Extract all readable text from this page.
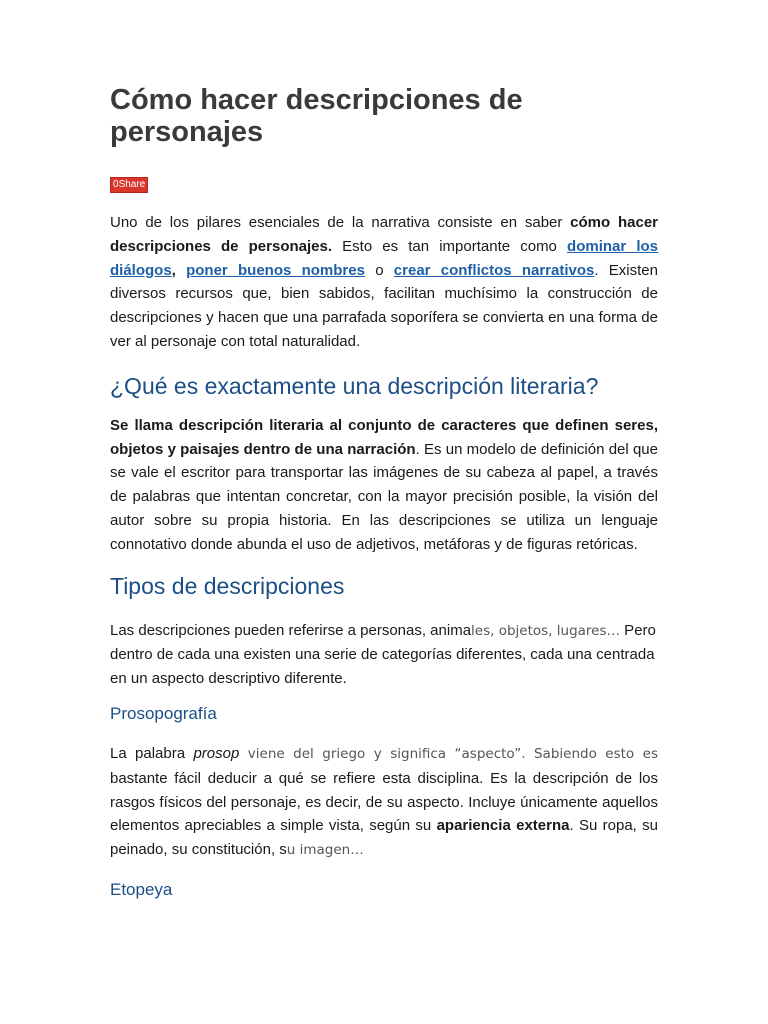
Cómo hacer descripciones de personajes
0Share

Uno de los pilares esenciales de la narrativa consiste en saber cómo hacer descripciones de personajes. Esto es tan importante como dominar los diálogos, poner buenos nombres o crear conflictos narrativos. Existen diversos recursos que, bien sabidos, facilitan muchísimo la construcción de descripciones y hacen que una parrafada soporífera se convierta en una forma de ver al personaje con total naturalidad.

¿Qué es exactamente una descripción literaria?

Se llama descripción literaria al conjunto de caracteres que definen seres, objetos y paisajes dentro de una narración. Es un modelo de definición del que se vale el escritor para transportar las imágenes de su cabeza al papel, a través de palabras que intentan concretar, con la mayor precisión posible, la visión del autor sobre su propia historia. En las descripciones se utiliza un lenguaje connotativo donde abunda el uso de adjetivos, metáforas y de figuras retóricas.

Tipos de descripciones

Las descripciones pueden referirse a personas, animales, objetos, lugares… Pero dentro de cada una existen una serie de categorías diferentes, cada una centrada en un aspecto descriptivo diferente.

Prosopografía

La palabra prosop viene del griego y significa “aspecto”. Sabiendo esto es bastante fácil deducir a qué se refiere esta disciplina. Es la descripción de los rasgos físicos del personaje, es decir, de su aspecto. Incluye únicamente aquellos elementos apreciables a simple vista, según su apariencia externa. Su ropa, su peinado, su constitución, su imagen…

Etopeya
